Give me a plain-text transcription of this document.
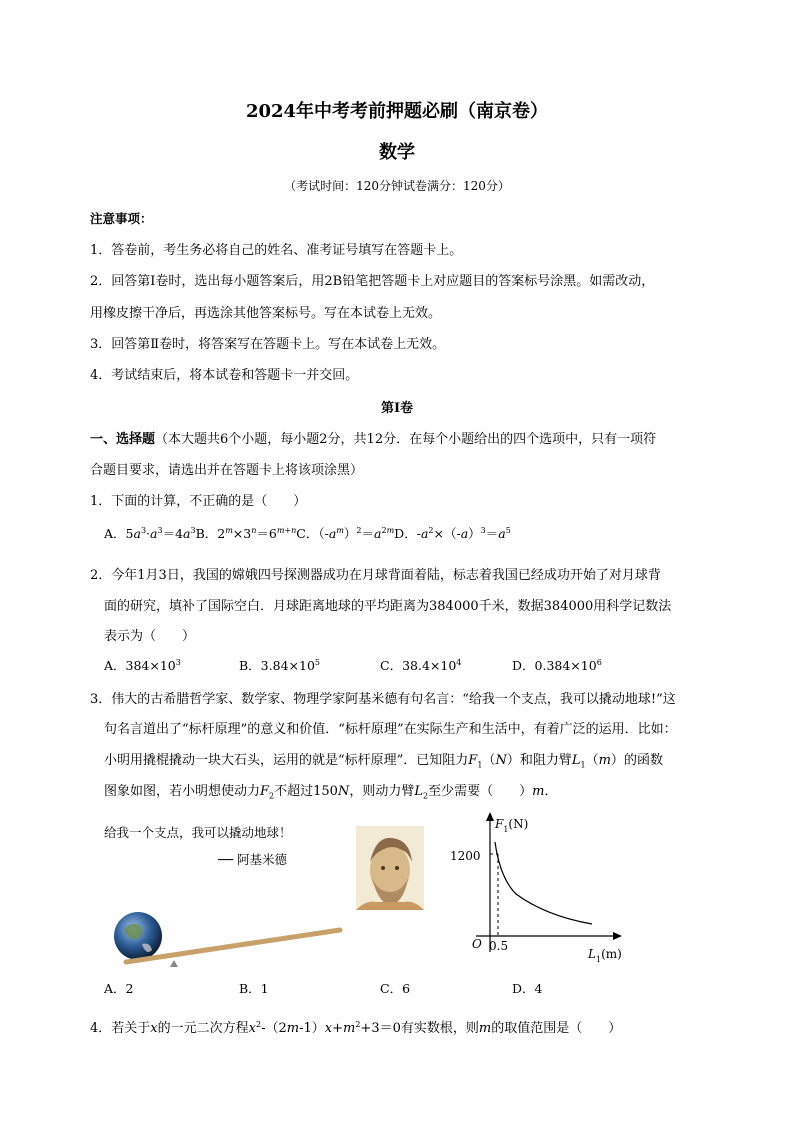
2024年中考考前押题必刷（南京卷）
数学
（考试时间：120分钟试卷满分：120分）
注意事项：
1．答卷前，考生务必将自己的姓名、准考证号填写在答题卡上。
2．回答第Ⅰ卷时，选出每小题答案后，用2B铅笔把答题卡上对应题目的答案标号涂黑。如需改动，
用橡皮擦干净后，再选涂其他答案标号。写在本试卷上无效。
3．回答第Ⅱ卷时，将答案写在答题卡上。写在本试卷上无效。
4．考试结束后，将本试卷和答题卡一并交回。
第Ⅰ卷
一、选择题（本大题共6个小题，每小题2分，共12分．在每个小题给出的四个选项中，只有一项符
合题目要求，请选出并在答题卡上将该项涂黑）
1．下面的计算，不正确的是（　　）
A．$5a^3\cdot a^3=4a^3B$．$2^m\times 3^n=6^{m+n}C$．$(-a^m)^2=a^{2m}D$．$-a^2\times(-a)^3=a^5$
2．今年1月3日，我国的嫦娥四号探测器成功在月球背面着陆，标志着我国已经成功开始了对月球背
面的研究，填补了国际空白．月球距离地球的平均距离为384000千米，数据384000用科学记数法
表示为（　　）
A．$384\times 10^3$	B．$3.84\times 10^5$	C．$38.4\times 10^4$	D．$0.384\times 10^6$
3．伟大的古希腊哲学家、数学家、物理学家阿基米德有句名言：“给我一个支点，我可以撬动地球!”这
句名言道出了“标杆原理”的意义和价值．“标杆原理”在实际生产和生活中，有着广泛的运用．比如：
小明用撬棍撬动一块大石头，运用的就是“标杆原理”．已知阻力$F_1(N)$和阻力臂$L_1(m)$的函数
图象如图，若小明想使动力$F_2$不超过150N，则动力臂$L_2$至少需要（　　）m．
给我一个支点，我可以撬动地球！
── 阿基米德
$F_1(N)$
$L_1(m)$
O
1200
0.5
A．2	B．1	C．6	D．4
4．若关于x的一元二次方程$x^2-(2m-1)x+m^2+3=0$有实数根，则m的取值范围是（　　）
